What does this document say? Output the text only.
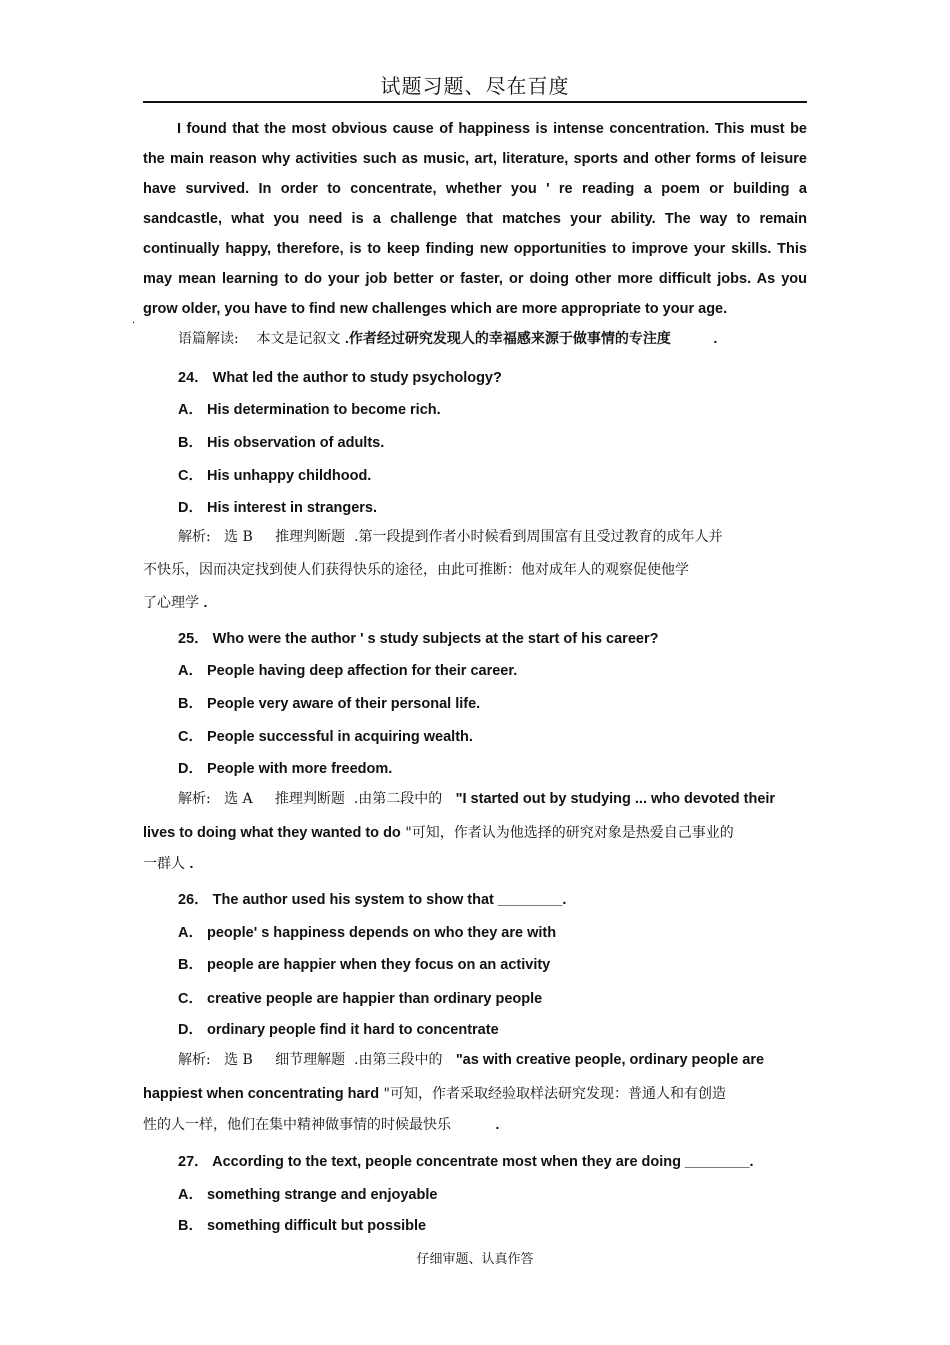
试题习题、尽在百度
I found that the most obvious cause of happiness is intense concentration. This must be the main reason why activities such as music, art, literature, sports and other forms of leisure have survived. In order to concentrate, whether you ' re reading a poem or building a sandcastle, what you need is a challenge that matches your ability. The way to remain continually happy, therefore, is to keep finding new opportunities to improve your skills. This may mean learning to do your job better or faster, or doing other more difficult jobs. As you grow older, you have to find new challenges which are more appropriate to your age.
·
语篇解读: 本文是记叙文 .作者经过研究发现人的幸福感来源于做事情的专注度	.
24． What led the author to study psychology?
A． His determination to become rich.
B． His observation of adults.
C． His unhappy childhood.
D． His interest in strangers.
解析: 选 B 推理判断题 .第一段提到作者小时候看到周围富有且受过教育的成年人并
不快乐，因而决定找到使人们获得快乐的途径，由此可推断：他对成年人的观察促使他学
了心理学 .
25． Who were the author ' s study subjects at the start of his career?
A． People having deep affection for their career.
B． People very aware of their personal life.
C． People successful in acquiring wealth.
D． People with more freedom.
解析: 选 A 推理判断题 .由第二段中的 "I started out by studying ... who devoted their
lives to doing what they wanted to do "可知，作者认为他选择的研究对象是热爱自己事业的
一群人 .
26． The author used his system to show that ________.
A． people' s happiness depends on who they are with
B． people are happier when they focus on an activity
C． creative people are happier than ordinary people
D． ordinary people find it hard to concentrate
解析: 选 B 细节理解题 .由第三段中的 "as with creative people, ordinary people are
happiest when concentrating hard "可知，作者采取经验取样法研究发现：普通人和有创造
性的人一样，他们在集中精神做事情的时候最快乐	.
27． According to the text, people concentrate most when they are doing ________.
A． something strange and enjoyable
B． something difficult but possible
仔细审题、认真作答
